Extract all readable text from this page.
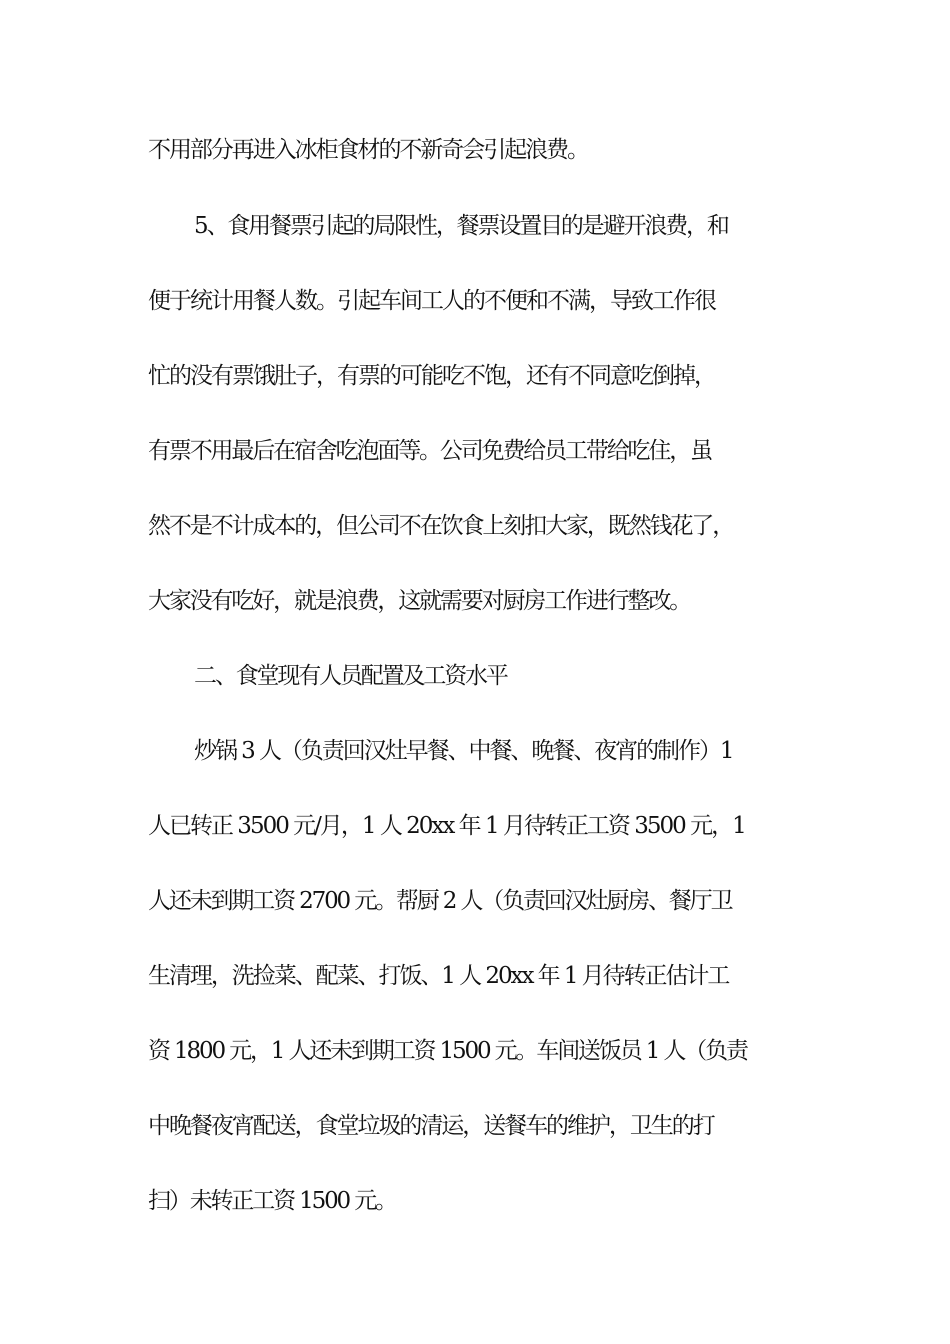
不用部分再进入冰柜食材的不新奇会引起浪费。
5、食用餐票引起的局限性，餐票设置目的是避开浪费，和
便于统计用餐人数。引起车间工人的不便和不满，导致工作很
忙的没有票饿肚子，有票的可能吃不饱，还有不同意吃倒掉，
有票不用最后在宿舍吃泡面等。公司免费给员工带给吃住，虽
然不是不计成本的，但公司不在饮食上刻扣大家，既然钱花了，
大家没有吃好，就是浪费，这就需要对厨房工作进行整改。
二、食堂现有人员配置及工资水平
炒锅 3 人（负责回汉灶早餐、中餐、晚餐、夜宵的制作）1
人已转正 3500 元/月，1 人 20xx 年 1 月待转正工资 3500 元，1
人还未到期工资 2700 元。帮厨 2 人（负责回汉灶厨房、餐厅卫
生清理，洗捡菜、配菜、打饭、1 人 20xx 年 1 月待转正估计工
资 1800 元，1 人还未到期工资 1500 元。车间送饭员 1 人（负责
中晚餐夜宵配送，食堂垃圾的清运，送餐车的维护，卫生的打
扫）未转正工资 1500 元。
